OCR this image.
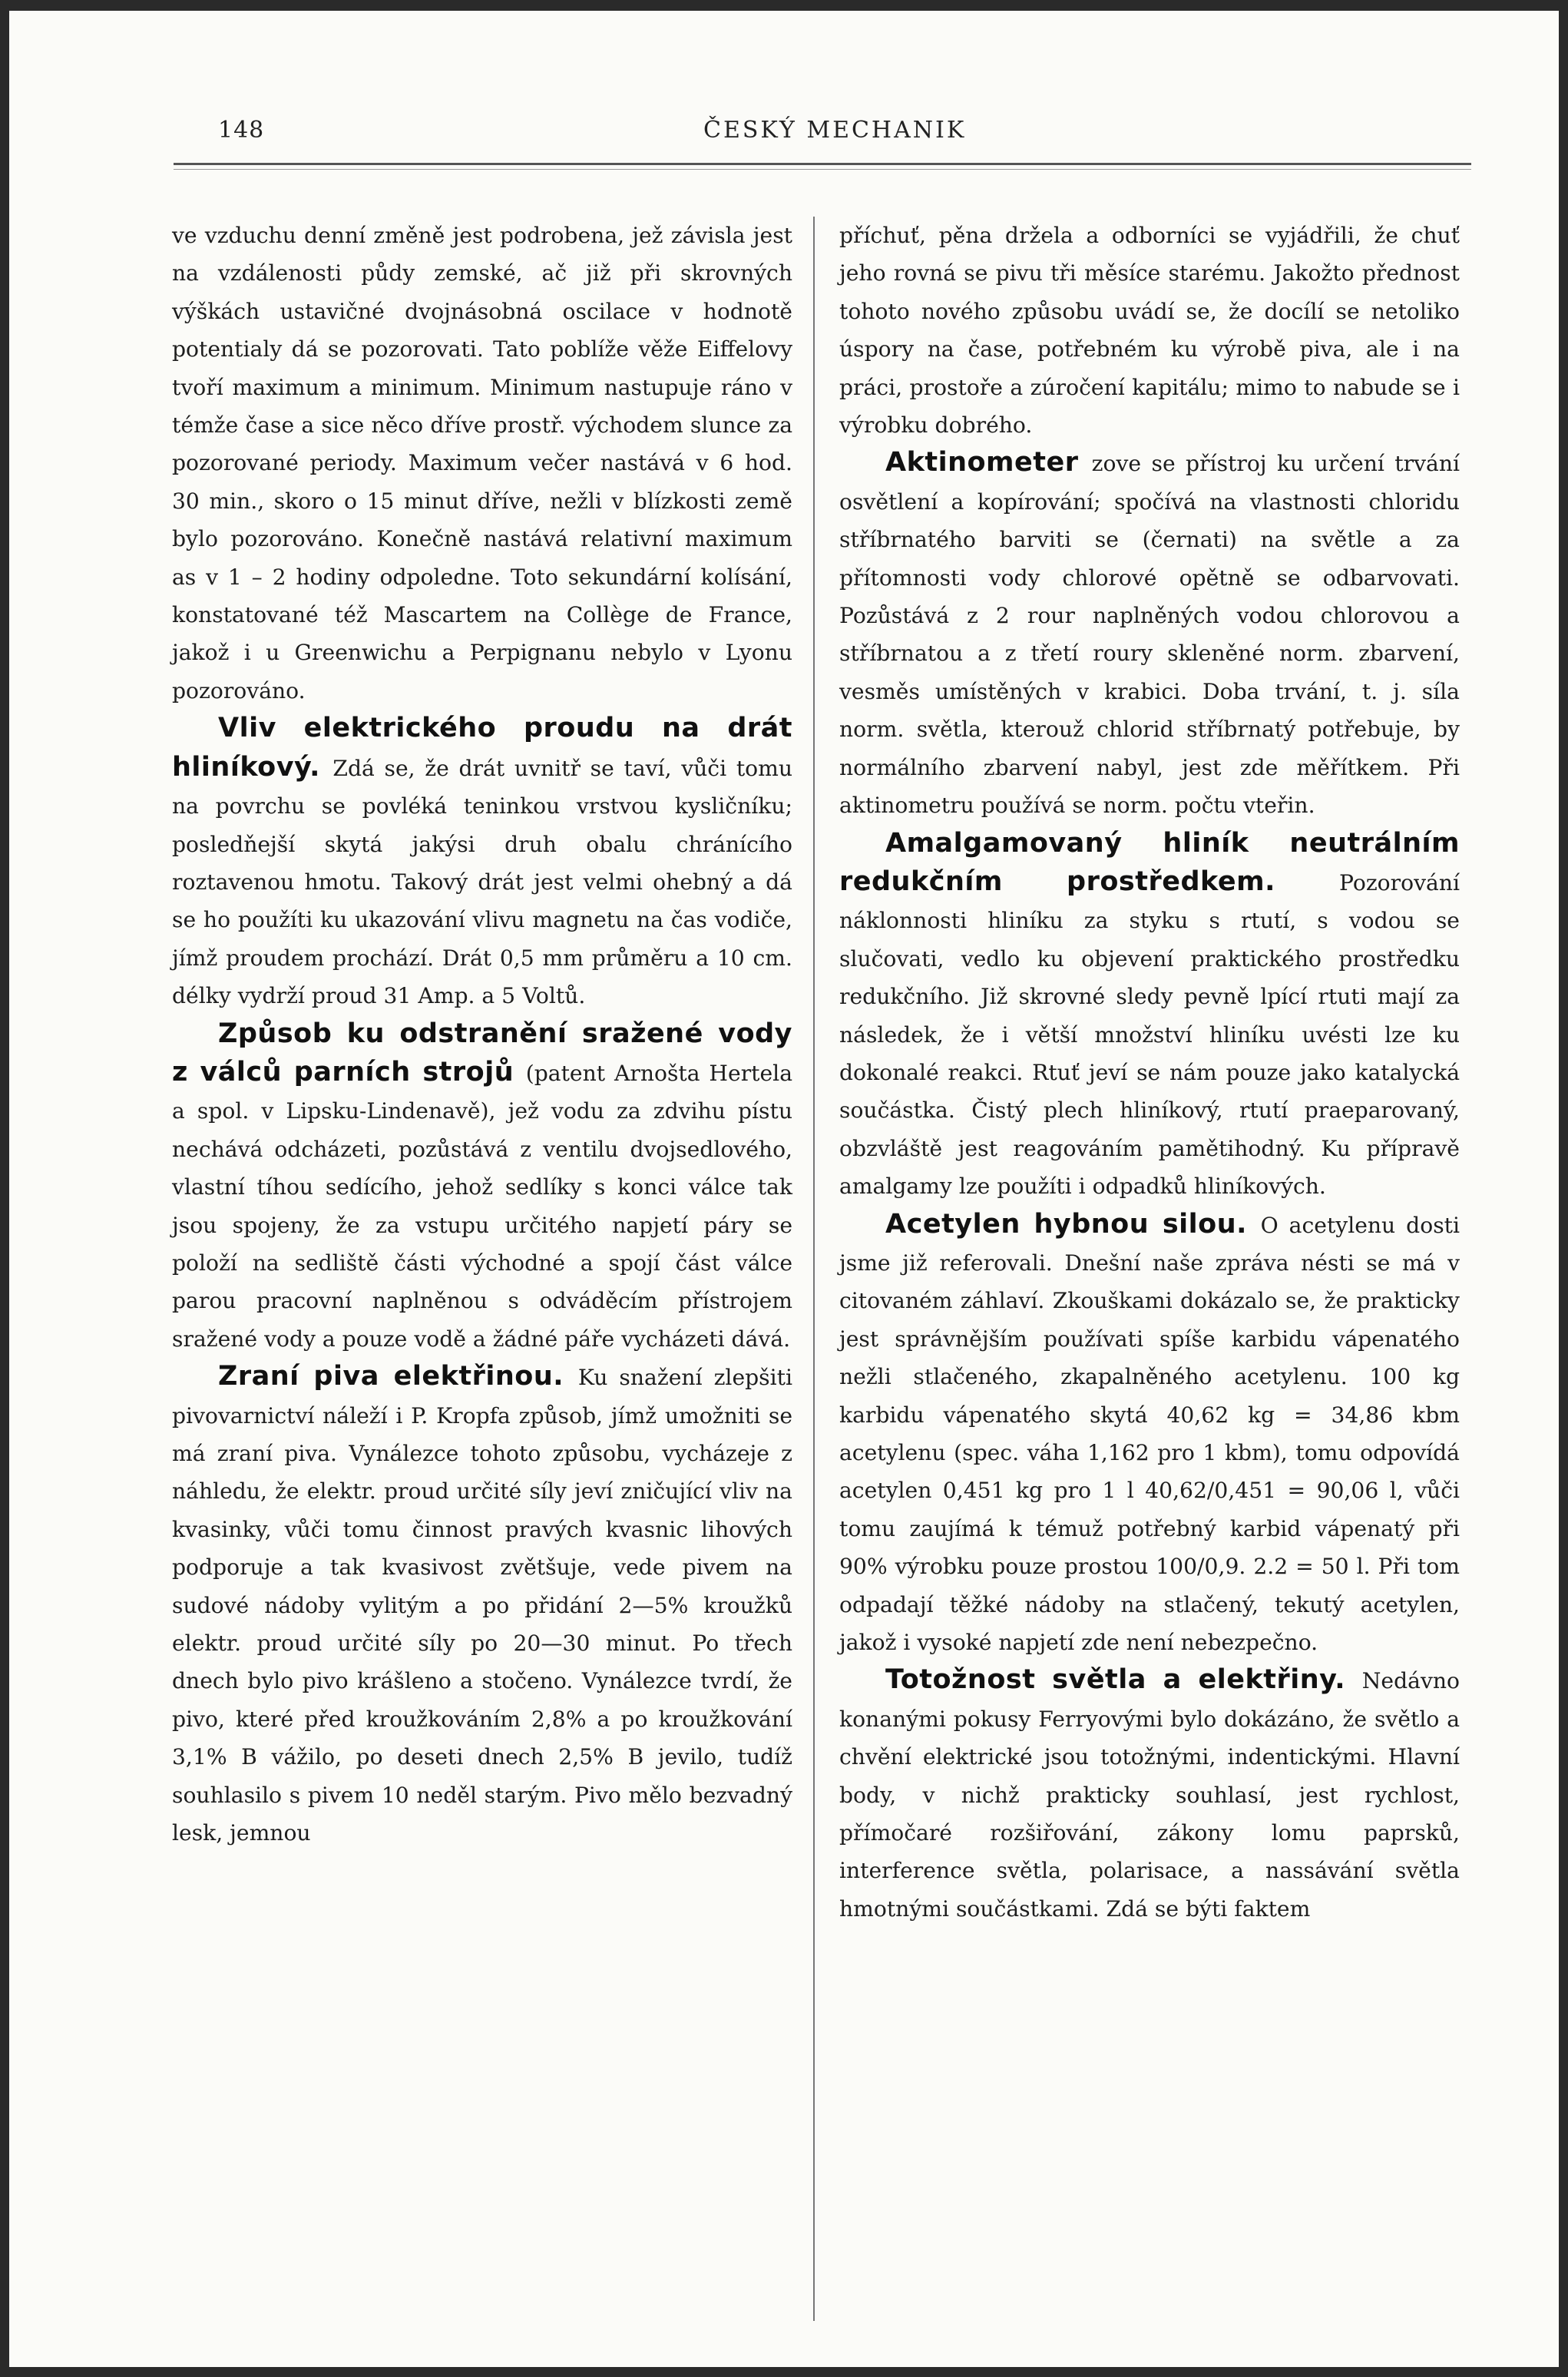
148	ČESKÝ MECHANIK

ve vzduchu denní změně jest podrobena, jež závisla jest na vzdálenosti půdy zemské, ač již při skrovných výškách ustavičné dvojnásobná oscilace v hodnotě potentialy dá se pozorovati. Tato poblíže věže Eiffelovy tvoří maximum a minimum. Minimum nastupuje ráno v témže čase a sice něco dříve prostř. východem slunce za pozorované periody. Maximum večer nastává v 6 hod. 30 min., skoro o 15 minut dříve, nežli v blízkosti země bylo pozorováno. Konečně nastává relativní maximum as v 1 – 2 hodiny odpoledne. Toto sekundární kolísání, konstatované též Mascartem na Collège de France, jakož i u Greenwichu a Perpignanu nebylo v Lyonu pozorováno.

Vliv elektrického proudu na drát hliníkový. Zdá se, že drát uvnitř se taví, vůči tomu na povrchu se povléká teninkou vrstvou kysličníku; posledňejší skytá jakýsi druh obalu chránícího roztavenou hmotu. Takový drát jest velmi ohebný a dá se ho použíti ku ukazování vlivu magnetu na čas vodiče, jímž proudem prochází. Drát 0,5 mm průměru a 10 cm. délky vydrží proud 31 Amp. a 5 Voltů.

Způsob ku odstranění sražené vody z válců parních strojů (patent Arnošta Hertela a spol. v Lipsku-Lindenavě), jež vodu za zdvihu pístu nechává odcházeti, pozůstává z ventilu dvojsedlového, vlastní tíhou sedícího, jehož sedlíky s konci válce tak jsou spojeny, že za vstupu určitého napjetí páry se položí na sedliště části východné a spojí část válce parou pracovní naplněnou s odváděcím přístrojem sražené vody a pouze vodě a žádné páře vycházeti dává.

Zraní piva elektřinou. Ku snažení zlepšiti pivovarnictví náleží i P. Kropfa způsob, jímž umožniti se má zraní piva. Vynálezce tohoto způsobu, vycházeje z náhledu, že elektr. proud určité síly jeví zničující vliv na kvasinky, vůči tomu činnost pravých kvasnic lihových podporuje a tak kvasivost zvětšuje, vede pivem na sudové nádoby vylitým a po přidání 2—5% kroužků elektr. proud určité síly po 20—30 minut. Po třech dnech bylo pivo krášleno a stočeno. Vynálezce tvrdí, že pivo, které před kroužkováním 2,8% a po kroužkování 3,1% B vážilo, po deseti dnech 2,5% B jevilo, tudíž souhlasilo s pivem 10 neděl starým. Pivo mělo bezvadný lesk, jemnou

příchuť, pěna držela a odborníci se vyjádřili, že chuť jeho rovná se pivu tři měsíce starému. Jakožto přednost tohoto nového způsobu uvádí se, že docílí se netoliko úspory na čase, potřebném ku výrobě piva, ale i na práci, prostoře a zúročení kapitálu; mimo to nabude se i výrobku dobrého.

Aktinometer zove se přístroj ku určení trvání osvětlení a kopírování; spočívá na vlastnosti chloridu stříbrnatého barviti se (černati) na světle a za přítomnosti vody chlorové opětně se odbarvovati. Pozůstává z 2 rour naplněných vodou chlorovou a stříbrnatou a z třetí roury skleněné norm. zbarvení, vesměs umístěných v krabici. Doba trvání, t. j. síla norm. světla, kterouž chlorid stříbrnatý potřebuje, by normálního zbarvení nabyl, jest zde měřítkem. Při aktinometru používá se norm. počtu vteřin.

Amalgamovaný hliník neutrálním redukčním prostředkem. Pozorování náklonnosti hliníku za styku s rtutí, s vodou se slučovati, vedlo ku objevení praktického prostředku redukčního. Již skrovné sledy pevně lpící rtuti mají za následek, že i větší množství hliníku uvésti lze ku dokonalé reakci. Rtuť jeví se nám pouze jako katalycká součástka. Čistý plech hliníkový, rtutí praeparovaný, obzvláště jest reagováním pamětihodný. Ku přípravě amalgamy lze použíti i odpadků hliníkových.

Acetylen hybnou silou. O acetylenu dosti jsme již referovali. Dnešní naše zpráva nésti se má v citovaném záhlaví. Zkouškami dokázalo se, že prakticky jest správnějším používati spíše karbidu vápenatého nežli stlačeného, zkapalněného acetylenu. 100 kg karbidu vápenatého skytá 40,62 kg = 34,86 kbm acetylenu (spec. váha 1,162 pro 1 kbm), tomu odpovídá acetylen 0,451 kg pro 1 l 40,62/0,451 = 90,06 l, vůči tomu zaujímá k témuž potřebný karbid vápenatý při 90% výrobku pouze prostou 100/0,9. 2.2 = 50 l. Při tom odpadají těžké nádoby na stlačený, tekutý acetylen, jakož i vysoké napjetí zde není nebezpečno.

Totožnost světla a elektřiny. Nedávno konanými pokusy Ferryovými bylo dokázáno, že světlo a chvění elektrické jsou totožnými, indentickými. Hlavní body, v nichž prakticky souhlasí, jest rychlost, přímočaré rozšiřování, zákony lomu paprsků, interference světla, polarisace, a nassávání světla hmotnými součástkami. Zdá se býti faktem
